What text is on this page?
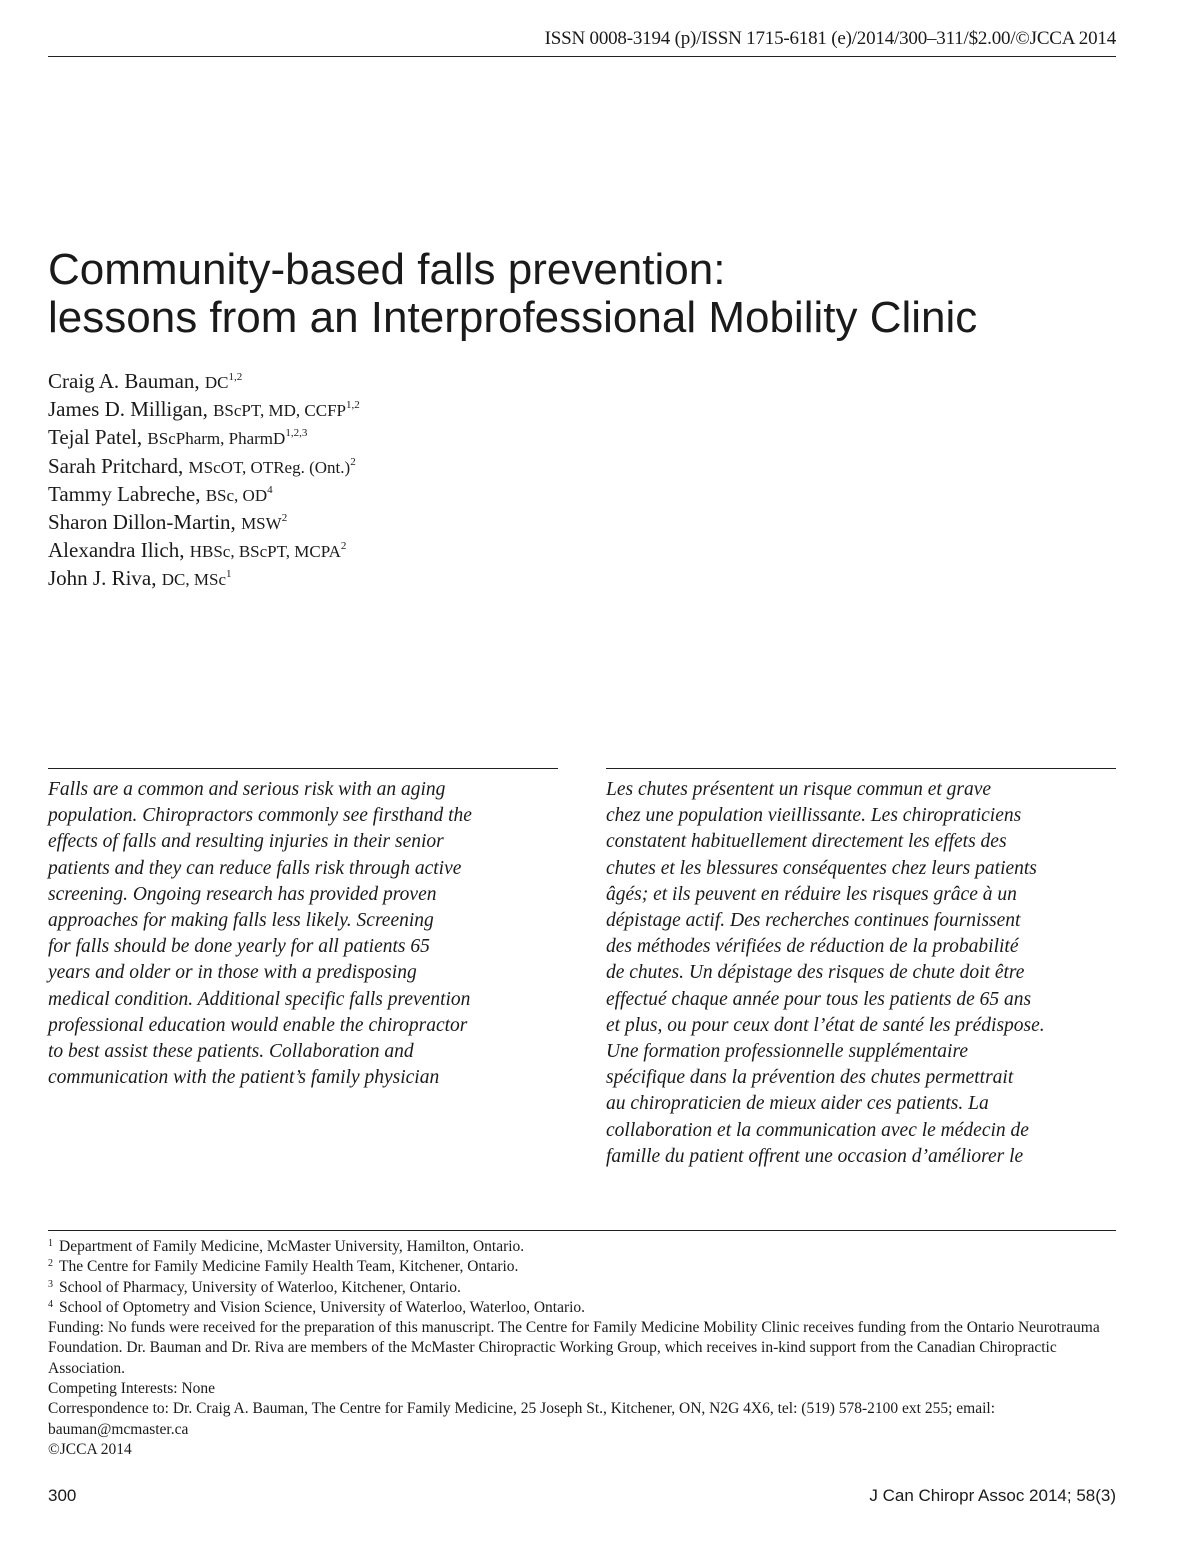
ISSN 0008-3194 (p)/ISSN 1715-6181 (e)/2014/300–311/$2.00/©JCCA 2014
Community-based falls prevention:
lessons from an Interprofessional Mobility Clinic
Craig A. Bauman, DC$^{1,2}$
James D. Milligan, BScPT, MD, CCFP$^{1,2}$
Tejal Patel, BScPharm, PharmD$^{1,2,3}$
Sarah Pritchard, MScOT, OTReg. $(Ont.)^2$
Tammy Labreche, BSc, $OD^4$
Sharon Dillon-Martin, MSW$^2$
Alexandra Ilich, HBSc, BScPT, MCPA$^2$
John J. Riva, DC, MSc$^1$
Falls are a common and serious risk with an aging
population. Chiropractors commonly see firsthand the
effects of falls and resulting injuries in their senior
patients and they can reduce falls risk through active
screening. Ongoing research has provided proven
approaches for making falls less likely. Screening
for falls should be done yearly for all patients 65
years and older or in those with a predisposing
medical condition. Additional specific falls prevention
professional education would enable the chiropractor
to best assist these patients. Collaboration and
communication with the patient’s family physician
Les chutes présentent un risque commun et grave
chez une population vieillissante. Les chiropraticiens
constatent habituellement directement les effets des
chutes et les blessures conséquentes chez leurs patients
âgés; et ils peuvent en réduire les risques grâce à un
dépistage actif. Des recherches continues fournissent
des méthodes vérifiées de réduction de la probabilité
de chutes. Un dépistage des risques de chute doit être
effectué chaque année pour tous les patients de 65 ans
et plus, ou pour ceux dont l’état de santé les prédispose.
Une formation professionnelle supplémentaire
spécifique dans la prévention des chutes permettrait
au chiropraticien de mieux aider ces patients. La
collaboration et la communication avec le médecin de
famille du patient offrent une occasion d’améliorer le
$^1$ Department of Family Medicine, McMaster University, Hamilton, Ontario.
$^2$ The Centre for Family Medicine Family Health Team, Kitchener, Ontario.
$^3$ School of Pharmacy, University of Waterloo, Kitchener, Ontario.
$^4$ School of Optometry and Vision Science, University of Waterloo, Waterloo, Ontario.
Funding: No funds were received for the preparation of this manuscript. The Centre for Family Medicine Mobility Clinic receives funding from the Ontario Neurotrauma Foundation. Dr. Bauman and Dr. Riva are members of the McMaster Chiropractic Working Group, which receives in-kind support from the Canadian Chiropractic Association.
Competing Interests: None
Correspondence to: Dr. Craig A. Bauman, The Centre for Family Medicine, 25 Joseph St., Kitchener, ON, N2G 4X6, tel: (519) 578-2100 ext 255; email: bauman@mcmaster.ca
©JCCA 2014
300	J Can Chiropr Assoc 2014; 58(3)
